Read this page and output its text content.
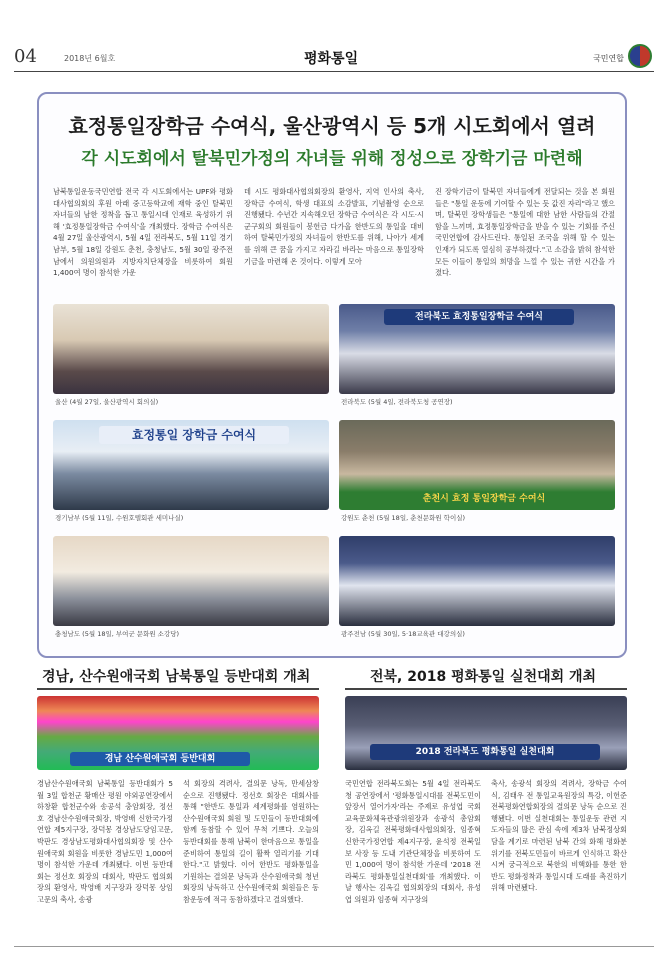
04	2018년 6월호	평화통일	국민연합
효정통일장학금 수여식, 울산광역시 등 5개 시도회에서 열려
각 시도회에서 탈북민가정의 자녀들 위해 정성으로 장학기금 마련해
남북통일운동국민연합 전국 각 시도회에서는 UPF와 평화대사협의회의 후원 아래 중고등학교에 재학 중인 탈북민 자녀들의 남한 정착을 돕고 통일시대 인재로 육성하기 위해 '효정통일장학금 수여식'을 개최했다. 장학금 수여식은 4월 27일 울산광역시, 5월 4일 전라북도, 5월 11일 경기남부, 5월 18일 강원도 춘천, 충청남도, 5월 30일 광주전남에서 의원의원과 지방자치단체장을 비롯하여 회원 1,400여 명이 참석한 가운
데 시도 평화대사협의회장의 환영사, 지역 인사의 축사, 장학금 수여식, 학생 대표의 소감발표, 기념촬영 순으로 진행됐다. 수년간 지속해오던 장학금 수여식은 각 시도·시군구회의 회원들이 봉헌금 다가올 한반도의 통일을 대비하여 탈북민가정의 자녀들이 한반도를 위해, 나아가 세계를 위해 큰 꿈을 가지고 자라길 바라는 마음으로 통일장학기금을 마련해 온 것이다. 이렇게 모아
진 장학기금이 탈북민 자녀들에게 전달되는 것을 본 회원들은 "통일 운동에 기여할 수 있는 듯 값진 자리"라고 했으며, 탈북민 장학생들은 "통일에 대한 남한 사람들의 간절함을 느끼며, 효정통일장학금을 받을 수 있는 기회를 주신 국민연합에 감사드린다. 통일된 조국을 위해 할 수 있는 인재가 되도록 열심히 공부하겠다."고 소감을 밝혀 참석한 모든 이들이 통일의 희망을 느낄 수 있는 귀한 시간을 가졌다.
울산 (4월 27일, 울산광역시 회의실)
전라북도 효정통일장학금 수여식
전라북도 (5월 4일, 전라북도청 공연장)
효정통일 장학금 수여식
경기남부 (5월 11일, 수원호텔회관 세미나실)
춘천시 효정 통일장학금 수여식
강원도 춘천 (5월 18일, 춘천문화원 학이실)
충청남도 (5월 18일, 부여군 문화원 소강당)	광주전남 (5월 30일, 5·18교육관 대강의실)
경남, 산수원애국회 남북통일 등반대회 개최
경남 산수원애국회 등반대회
경남산수원애국회 남북통일 등반대회가 5월 3일 합천군 황매산 평원 야외공연장에서 하창환 합천군수와 송공석 충암회장, 정선호 경남산수원애국회장, 박영배 신한국가정연합 제5지구장, 장덕몽 경상남도당임고문, 박판도 경상남도평화대사협의회장 및 산수원애국회 회원을 비롯한 경남도민 1,000여 명이 참석한 가운데 개최됐다. 이번 등반대회는 정선호 회장의 대회사, 박판도 협의회장의 환영사, 박영배 지구장과 장덕몽 상임고문의 축사, 송광
석 회장의 격려사, 결의문 낭독, 만세삼창 순으로 진행됐다. 정선호 회장은 대회사를 통해 "한반도 통일과 세계평화를 염원하는 산수원애국회 회원 및 도민들이 등반대회에 함께 동참할 수 있어 무척 기쁘다. 오늘의 등반대회를 통해 남북이 한마음으로 통일을 준비하여 통일의 길이 활짝 열리기를 기대한다."고 밝혔다. 이어 한반도 평화통일을 기원하는 결의문 낭독과 산수원애국회 청년회장의 낭독하고 산수원애국회 회원들은 동참운동에 적극 동참하겠다고 결의했다.
전북, 2018 평화통일 실천대회 개최
2018 전라북도 평화통일 실천대회
국민연합 전라북도회는 5월 4일 전라북도청 공연장에서 '평화통일시대를 전북도민이 앞장서 열어가자'라는 주제로 유성엽 국회 교육문화체육관광위원장과 송광석 총암회장, 김옥길 전북평화대사협의회장, 임종혁 신한국가정연합 제4지구장, 윤석정 전북일보 사장 등 도내 기관단체장을 비롯하여 도민 1,000여 명이 참석한 가운데 '2018 전라북도 평화통일실천대회'를 개최했다. 이 날 행사는 김옥길 협의회장의 대회사, 유성엽 의원과 임종혁 지구장의
축사, 송광석 회장의 격려사, 장학금 수여식, 김태우 전 통일교육원장의 특강, 이헌준 전북평화연합회장의 결의문 낭독 순으로 진행됐다. 이번 실천대회는 통일운동 관련 지도자들의 많은 관심 속에 제3차 남북정상회담을 계기로 마련된 남북 간의 화해 평화분위기를 전북도민들이 바르게 인식하고 확산시켜 궁극적으로 북한의 비핵화를 통한 한반도 평화정착과 통일시대 도래를 촉진하기 위해 마련됐다.
